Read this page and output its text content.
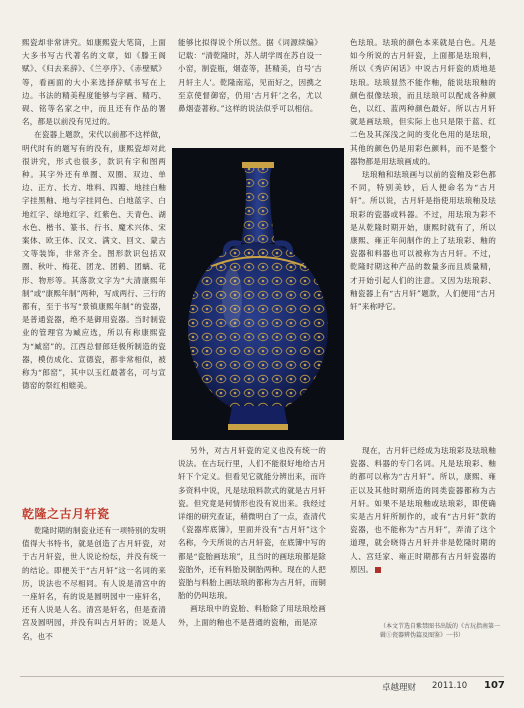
熙瓷却非常讲究。如康熙瓷大笔筒，上面大多书写古代著名的文章，如《滕王阁赋》、《归去来辞》、《兰亭序》、《赤壁赋》等，看画面的大小来选择辞赋书写在上边。书法的精美程度能够与字画、精巧、砚、铭等名家之中，而且还有作品的署名，都是以前没有见过的。

在瓷器上题款，宋代以前都不这样做，明代时有的题写有的没有，康熙瓷却对此很讲究，形式也很多，款识有字和图两种。其字外还有单圈、双圈、双边、单边、正方、长方、堆料、四瓣、地挂白釉字挂黑釉、地与字挂同色、白地蓝字、白地红字、绿地红字、红紫色、天青色、湖水色、楷书、篆书、行书、魔术兴体、宋案体、欧王体、汉文、满文、回文、蒙古文等装饰，非常齐全。图形款识包括双圈、秋叶、梅花、团龙、团鹤、团螭、花形、物形等。其落款文字为“大清康熙年制”或“康熙年制”两种，写成两行、三行的都有，至于书写“景镇康熙年制”的瓷器，是普通瓷器，绝不是御用瓷器。当时制瓷业的管理官为臧应选，所以有称康熙瓷为“臧窑”的。江西总督郎廷极所制造的瓷器，模仿成化、宣德瓷，都非常相似，被称为“郎窑”，其中以玉红最著名，可与宣德窑的祭红相媲美。

能够比拟得说个所以然。据《词源续编》记载：“清乾隆时，苏人胡学周在苏自设一小窑，制瓷瓶，烟壶等，甚精美，自号‘古月轩主人’。乾隆南巡，见而好之，因携之至京使督御窑，仍用‘古月轩’之名，尤以鼻烟壶著称。”这样的说法似乎可以相信。

色珐琅。珐琅的颜色本来就是白色。凡是如今所说的古月轩瓷，上面都是珐琅料，所以《秀庐闲话》中说古月轩瓷的质地是珐琅。珐琅显然不能作釉，能说珐琅釉的颜色很像珐琅，而且珐琅可以配成各种颜色，以红、蓝两种颜色最好。所以古月轩就是画珐琅，但实际上也只是限于蓝、红二色及其深浅之间的变化色用的是珐琅，其他的颜色仍是用彩色颜料，而不是整个器物都是用珐琅画成的。

珐琅釉和珐琅画与以前的瓷釉及彩色都不同，特别美妙，后人便命名为“古月轩”。所以说，古月轩是指使用珐琅釉及珐琅彩的瓷器或料器。不过，用珐琅为彩不是从乾隆时期开始，康熙时就有了，所以康熙、雍正年间制作的上了珐琅彩、釉的瓷器和料器也可以被称为古月轩。不过，乾隆时期这种产品的数量多而且质量精，才开始引起人们的注意。又因为珐琅彩、釉瓷器上有“古月轩”题款，人们便用“古月轩”来称呼它。

乾隆之古月轩瓷

乾隆时期的制瓷业还有一项特别的发明值得大书特书，就是创造了古月轩瓷，对于古月轩瓷，世人说论纷纭，并没有统一的结论。即便关于“古月轩”这一名词的来历，说法也不尽相同。有人说是清宫中的一座轩名，有的说是圆明园中一座轩名，还有人说是人名。清宫是轩名，但是查清宫及圆明园，并没有叫古月轩的；说是人名，也不

另外，对古月轩瓷的定义也没有统一的说法。在古玩行里，人们不能很好地给古月轩下个定义。但看见它就能分辨出来，而许多资料中说，凡是珐琅料款式的就是古月轩瓷。但究竟是何情形也没有说出来。我经过详细的研究查证，稍微明白了一点，查清代《瓷器库底簿》，里面并没有“古月轩”这个名称，今天所说的古月轩瓷，在底簿中写的都是“瓷胎画珐琅”，且当时的画珐琅都是除瓷胎外，还有料胎及铜胎两种。现在的人把瓷胎与料胎上画珐琅的都称为古月轩，而铜胎的仍叫珐琅。

画珐琅中的瓷胎、料胎除了用珐琅绘画外，上面的釉也不是普通的瓷釉，而是凉

现在，古月轩已经成为珐琅彩及珐琅釉瓷器、料器的专门名词。凡是珐琅彩、釉的都可以称为“古月轩”。所以，康熙、雍正以及其他时期所造的同类瓷器都称为古月轩。如果不是珐琅釉或珐琅彩，即使确实是古月轩所制作的，或有“古月轩”款的瓷器，也不能称为“古月轩”，弄清了这个道理，就会晓得古月轩并非是乾隆时期的人、宫廷家、雍正时期都有古月轩瓷器的原因。

（本文节选自紫禁图书出版的《古玩指南第一辑①瓷器辨伪篇及图鉴》一书）
卓越理财 2011.10 107
